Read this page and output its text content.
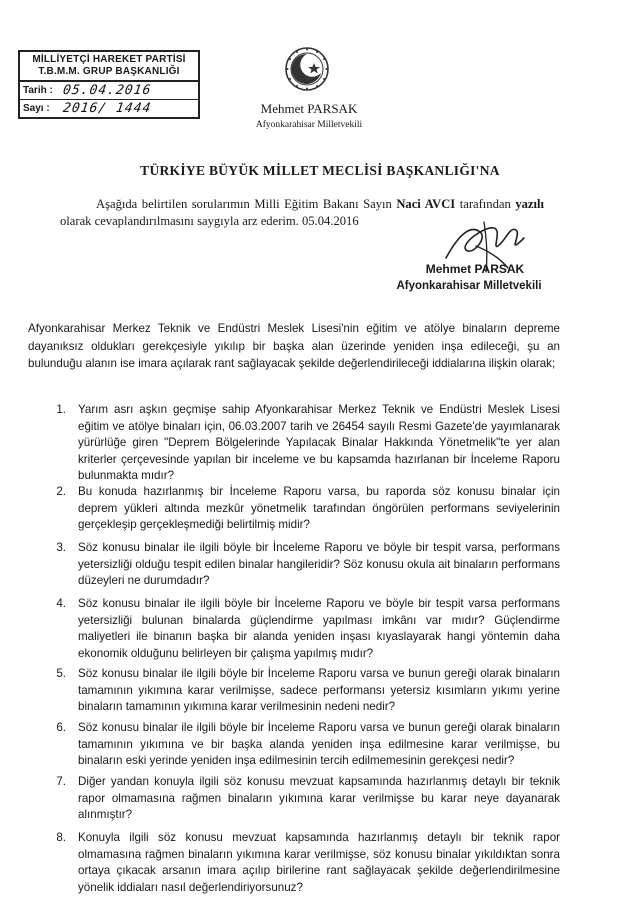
MİLLİYETÇİ HAREKET PARTİSİ
T.B.M.M. GRUP BAŞKANLIĞI
Tarih : 05.04.2016
Sayı : 2016/ 1444	Mehmet PARSAK
Afyonkarahisar Milletvekili
TÜRKİYE BÜYÜK MİLLET MECLİSİ BAŞKANLIĞI'NA
Aşağıda belirtilen sorularımın Milli Eğitim Bakanı Sayın Naci AVCI tarafından yazılı olarak cevaplandırılmasını saygıyla arz ederim. 05.04.2016
Mehmet PARSAK
Afyonkarahisar Milletvekili
Afyonkarahisar Merkez Teknik ve Endüstri Meslek Lisesi'nin eğitim ve atölye binaların depreme dayanıksız oldukları gerekçesiyle yıkılıp bir başka alan üzerinde yeniden inşa edileceği, şu an bulunduğu alanın ise imara açılarak rant sağlayacak şekilde değerlendirileceği iddialarına ilişkin olarak;
1.	Yarım asrı aşkın geçmişe sahip Afyonkarahisar Merkez Teknik ve Endüstri Meslek Lisesi eğitim ve atölye binaları için, 06.03.2007 tarih ve 26454 sayılı Resmi Gazete'de yayımlanarak yürürlüğe giren "Deprem Bölgelerinde Yapılacak Binalar Hakkında Yönetmelik"te yer alan kriterler çerçevesinde yapılan bir inceleme ve bu kapsamda hazırlanan bir İnceleme Raporu bulunmakta mıdır?
2.	Bu konuda hazırlanmış bir İnceleme Raporu varsa, bu raporda söz konusu binalar için deprem yükleri altında mezkûr yönetmelik tarafından öngörülen performans seviyelerinin gerçekleşip gerçekleşmediği belirtilmiş midir?
3.	Söz konusu binalar ile ilgili böyle bir İnceleme Raporu ve böyle bir tespit varsa, performans yetersizliği olduğu tespit edilen binalar hangileridir? Söz konusu okula ait binaların performans düzeyleri ne durumdadır?
4.	Söz konusu binalar ile ilgili böyle bir İnceleme Raporu ve böyle bir tespit varsa performans yetersizliği bulunan binalarda güçlendirme yapılması imkânı var mıdır? Güçlendirme maliyetleri ile binanın başka bir alanda yeniden inşası kıyaslayarak hangi yöntemin daha ekonomik olduğunu belirleyen bir çalışma yapılmış mıdır?
5.	Söz konusu binalar ile ilgili böyle bir İnceleme Raporu varsa ve bunun gereği olarak binaların tamamının yıkımına karar verilmişse, sadece performansı yetersiz kısımların yıkımı yerine binaların tamamının yıkımına karar verilmesinin nedeni nedir?
6.	Söz konusu binalar ile ilgili böyle bir İnceleme Raporu varsa ve bunun gereği olarak binaların tamamının yıkımına ve bir başka alanda yeniden inşa edilmesine karar verilmişse, bu binaların eski yerinde yeniden inşa edilmesinin tercih edilmemesinin gerekçesi nedir?
7.	Diğer yandan konuyla ilgili söz konusu mevzuat kapsamında hazırlanmış detaylı bir teknik rapor olmamasına rağmen binaların yıkımına karar verilmişse bu karar neye dayanarak alınmıştır?
8.	Konuyla ilgili söz konusu mevzuat kapsamında hazırlanmış detaylı bir teknik rapor olmamasına rağmen binaların yıkımına karar verilmişse, söz konusu binalar yıkıldıktan sonra ortaya çıkacak arsanın imara açılıp birilerine rant sağlayacak şekilde değerlendirilmesine yönelik iddiaları nasıl değerlendiriyorsunuz?
